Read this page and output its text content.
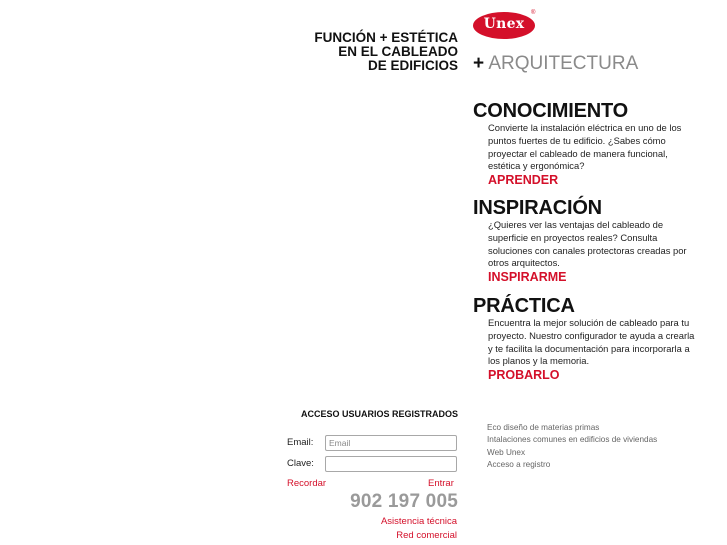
FUNCIÓN + ESTÉTICA
EN EL CABLEADO
DE EDIFICIOS
Unex
®
+ ARQUITECTURA
CONOCIMIENTO

Convierte la instalación eléctrica en uno de los puntos fuertes de tu edificio. ¿Sabes cómo proyectar el cableado de manera funcional, estética y ergonómica?

APRENDER
INSPIRACIÓN

¿Quieres ver las ventajas del cableado de superficie en proyectos reales? Consulta soluciones con canales protectoras creadas por otros arquitectos.

INSPIRARME
PRÁCTICA

Encuentra la mejor solución de cableado para tu proyecto. Nuestro configurador te ayuda a crearla y te facilita la documentación para incorporarla a los planos y la memoria.

PROBARLO
ACCESO USUARIOS REGISTRADOS
Email:
Email
Clave:
Recordar	Entrar
902 197 005
Asistencia técnica
Red comercial
Eco diseño de materias primas
Intalaciones comunes en edificios de viviendas
Web Unex
Acceso a registro
